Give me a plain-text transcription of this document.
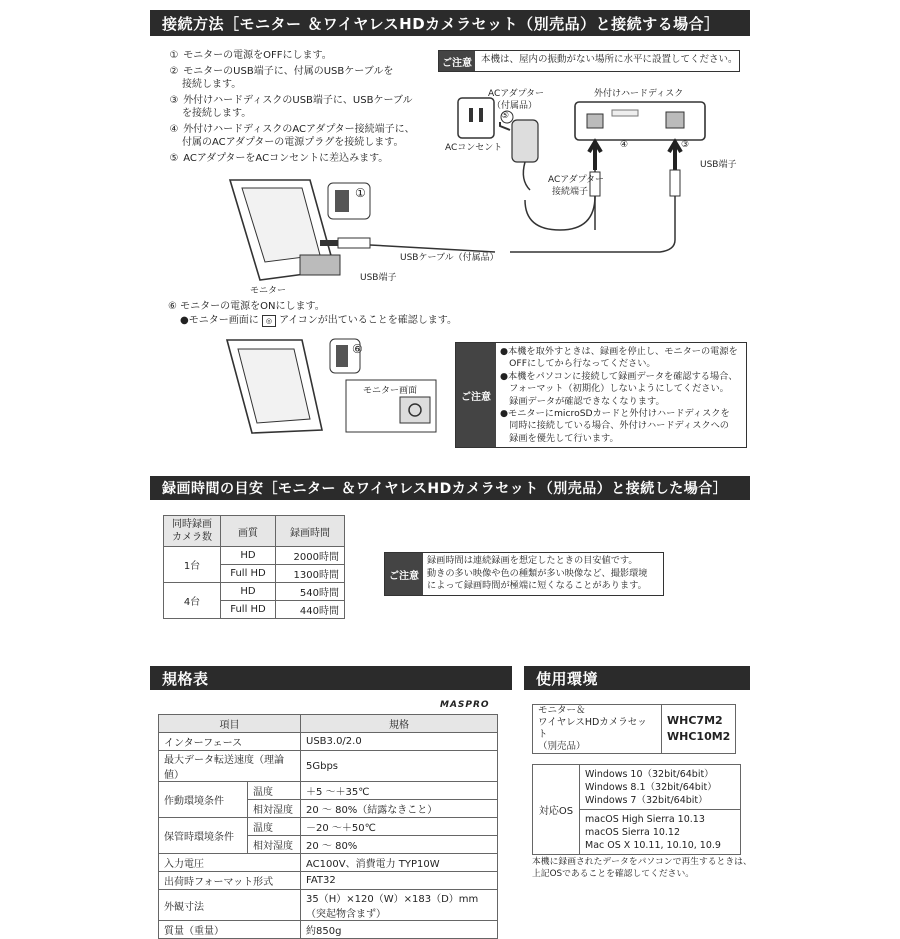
接続方法［モニター ＆ワイヤレスHDカメラセット（別売品）と接続する場合］
① モニターの電源をOFFにします。
② モニターのUSB端子に、付属のUSBケーブルを
接続します。
③ 外付けハードディスクのUSB端子に、USBケーブル
を接続します。
④ 外付けハードディスクのACアダプター接続端子に、
付属のACアダプターの電源プラグを接続します。
⑤ ACアダプターをACコンセントに差込みます。
ご注意 本機は、屋内の振動がない場所に水平に設置してください。
ACアダプター
（付属品）
ACコンセント
外付けハードディスク
USB端子
ACアダプター
接続端子
USBケーブル（付属品）
USB端子
モニター
⑤
④	③
①
⑥ モニターの電源をONにします。
●モニター画面に ◎ アイコンが出ていることを確認します。
モニター画面
⑥
ご注意
●本機を取外すときは、録画を停止し、モニターの電源を
　OFFにしてから行なってください。
●本機をパソコンに接続して録画データを確認する場合、
　フォーマット（初期化）しないようにしてください。
　録画データが確認できなくなります。
●モニターにmicroSDカードと外付けハードディスクを
　同時に接続している場合、外付けハードディスクへの
　録画を優先して行います。
録画時間の目安［モニター ＆ワイヤレスHDカメラセット（別売品）と接続した場合］
同時録画
カメラ数	画質	録画時間
1台	HD	2000時間
	Full HD	1300時間
4台	HD	540時間
	Full HD	440時間
ご注意
録画時間は連続録画を想定したときの目安値です。
動きの多い映像や色の種類が多い映像など、撮影環境
によって録画時間が極端に短くなることがあります。
規格表
MASPRO
項目		規格
インターフェース		USB3.0/2.0
最大データ転送速度（理論値）		5Gbps
作動環境条件	温度	＋5 ～＋35℃
	相対湿度	20 ～ 80%（結露なきこと）
保管時環境条件	温度	－20 ～＋50℃
	相対湿度	20 ～ 80%
入力電圧		AC100V、消費電力 TYP10W
出荷時フォーマット形式		FAT32
外観寸法		35（H）×120（W）×183（D）mm（突起物含まず）
質量（重量）		約850g
使用環境
モニター＆
ワイヤレスHDカメラセット
（別売品）

WHC7M2
WHC10M2
対応OS	
Windows 10（32bit/64bit）
Windows 8.1（32bit/64bit）
Windows 7（32bit/64bit）

macOS High Sierra 10.13
macOS Sierra 10.12
Mac OS X 10.11, 10.10, 10.9
本機に録画されたデータをパソコンで再生するときは、
上記OSであることを確認してください。
